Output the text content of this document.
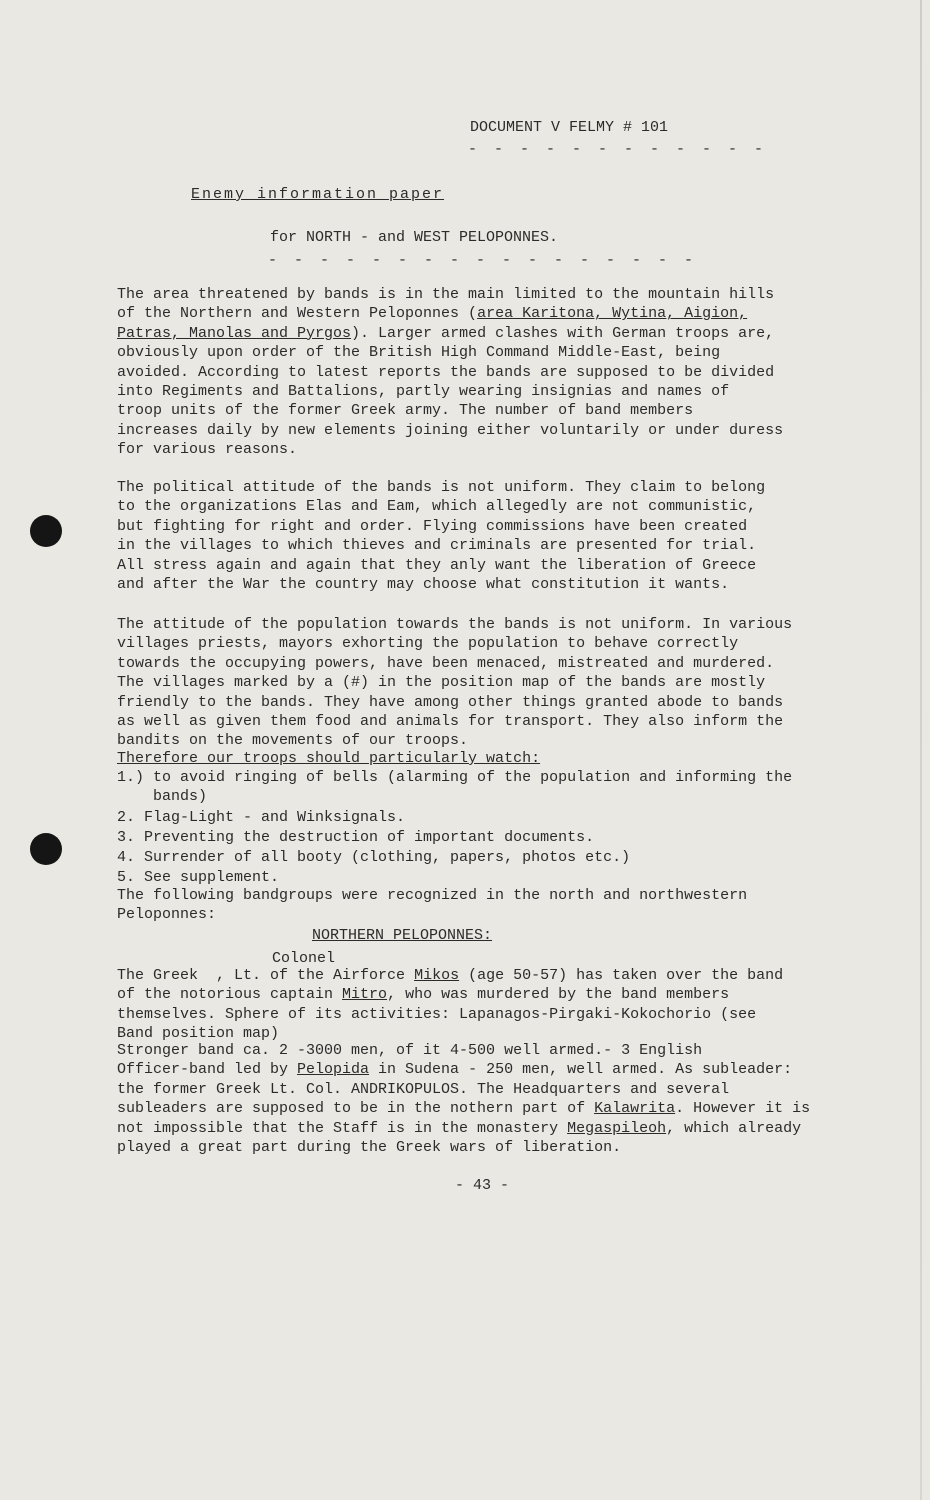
DOCUMENT V FELMY # 101
- - - - - - - - - - - -
Enemy information paper
for NORTH - and WEST PELOPONNES.
- - - - - - - - - - - - - - - - -

The area threatened by bands is in the main limited to the mountain hills
of the Northern and Western Peloponnes (area Karitona, Wytina, Aigion,
Patras, Manolas and Pyrgos). Larger armed clashes with German troops are,
obviously upon order of the British High Command Middle-East, being
avoided. According to latest reports the bands are supposed to be divided
into Regiments and Battalions, partly wearing insignias and names of
troop units of the former Greek army. The number of band members
increases daily by new elements joining either voluntarily or under duress
for various reasons.

The political attitude of the bands is not uniform. They claim to belong
to the organizations Elas and Eam, which allegedly are not communistic,
but fighting for right and order. Flying commissions have been created
in the villages to which thieves and criminals are presented for trial.
All stress again and again that they anly want the liberation of Greece
and after the War the country may choose what constitution it wants.

The attitude of the population towards the bands is not uniform. In various
villages priests, mayors exhorting the population to behave correctly
towards the occupying powers, have been menaced, mistreated and murdered.
The villages marked by a (#) in the position map of the bands are mostly
friendly to the bands. They have among other things granted abode to bands
as well as given them food and animals for transport. They also inform the
bandits on the movements of our troops.

Therefore our troops should particularly watch:

1.) to avoid ringing of bells (alarming of the population and informing the
bands)
2. Flag-Light - and Winksignals.
3. Preventing the destruction of important documents.
4. Surrender of all booty (clothing, papers, photos etc.)
5. See supplement.

The following bandgroups were recognized in the north and northwestern
Peloponnes:

NORTHERN PELOPONNES:
Colonel

The Greek  , Lt. of the Airforce Mikos (age 50-57) has taken over the band
of the notorious captain Mitro, who was murdered by the band members
themselves. Sphere of its activities: Lapanagos-Pirgaki-Kokochorio (see
Band position map)

Stronger band ca. 2 -3000 men, of it 4-500 well armed.- 3 English
Officer-band led by Pelopida in Sudena - 250 men, well armed. As subleader:
the former Greek Lt. Col. ANDRIKOPULOS. The Headquarters and several
subleaders are supposed to be in the nothern part of Kalawrita. However it is
not impossible that the Staff is in the monastery Megaspileoh, which already
played a great part during the Greek wars of liberation.

- 43 -
